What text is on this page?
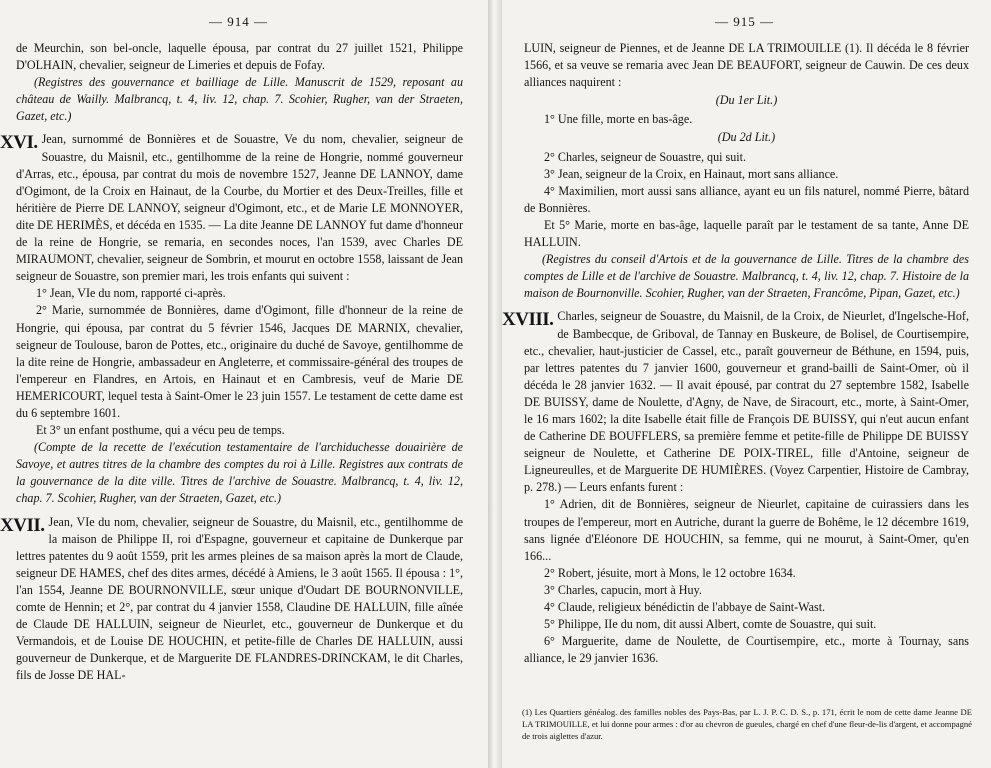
— 914 —

de Meurchin, son bel-oncle, laquelle épousa, par contrat du 27 juillet 1521, Philippe D'OLHAIN, chevalier, seigneur de Limeries et depuis de Fofay.

(Registres des gouvernance et bailliage de Lille. Manuscrit de 1529, reposant au château de Wailly. Malbrancq, t. 4, liv. 12, chap. 7. Scohier, Rugher, van der Straeten, Gazet, etc.)

XVI. Jean, surnommé de Bonnières et de Souastre, Ve du nom, chevalier, seigneur de Souastre, du Maisnil, etc., gentilhomme de la reine de Hongrie, nommé gouverneur d'Arras, etc., épousa, par contrat du mois de novembre 1527, Jeanne DE LANNOY, dame d'Ogimont, de la Croix en Hainaut, de la Courbe, du Mortier et des Deux-Treilles, fille et héritière de Pierre DE LANNOY, seigneur d'Ogimont, etc., et de Marie LE MONNOYER, dite DE HERIMÈS, et décéda en 1535. — La dite Jeanne DE LANNOY fut dame d'honneur de la reine de Hongrie, se remaria, en secondes noces, l'an 1539, avec Charles DE MIRAUMONT, chevalier, seigneur de Sombrin, et mourut en octobre 1558, laissant de Jean seigneur de Souastre, son premier mari, les trois enfants qui suivent :

1° Jean, VIe du nom, rapporté ci-après.

2° Marie, surnommée de Bonnières, dame d'Ogimont, fille d'honneur de la reine de Hongrie, qui épousa, par contrat du 5 février 1546, Jacques DE MARNIX, chevalier, seigneur de Toulouse, baron de Pottes, etc., originaire du duché de Savoye, gentilhomme de la dite reine de Hongrie, ambassadeur en Angleterre, et commissaire-général des troupes de l'empereur en Flandres, en Artois, en Hainaut et en Cambresis, veuf de Marie DE HEMERICOURT, lequel testa à Saint-Omer le 23 juin 1557. Le testament de cette dame est du 6 septembre 1601.

Et 3° un enfant posthume, qui a vécu peu de temps.

(Compte de la recette de l'exécution testamentaire de l'archiduchesse douairière de Savoye, et autres titres de la chambre des comptes du roi à Lille. Registres aux contrats de la gouvernance de la dite ville. Titres de l'archive de Souastre. Malbrancq, t. 4, liv. 12, chap. 7. Scohier, Rugher, van der Straeten, Gazet, etc.)

XVII. Jean, VIe du nom, chevalier, seigneur de Souastre, du Maisnil, etc., gentilhomme de la maison de Philippe II, roi d'Espagne, gouverneur et capitaine de Dunkerque par lettres patentes du 9 août 1559, prit les armes pleines de sa maison après la mort de Claude, seigneur DE HAMES, chef des dites armes, décédé à Amiens, le 3 août 1565. Il épousa : 1°, l'an 1554, Jeanne DE BOURNONVILLE, sœur unique d'Oudart DE BOURNONVILLE, comte de Hennin; et 2°, par contrat du 4 janvier 1558, Claudine DE HALLUIN, fille aînée de Claude DE HALLUIN, seigneur de Nieurlet, etc., gouverneur de Dunkerque et du Vermandois, et de Louise DE HOUCHIN, et petite-fille de Charles DE HALLUIN, aussi gouverneur de Dunkerque, et de Marguerite DE FLANDRES-DRINCKAM, le dit Charles, fils de Josse DE HAL-

— 915 —

LUIN, seigneur de Piennes, et de Jeanne DE LA TRIMOUILLE (1). Il décéda le 8 février 1566, et sa veuve se remaria avec Jean DE BEAUFORT, seigneur de Cauwin. De ces deux alliances naquirent :

(Du 1er Lit.)

1° Une fille, morte en bas-âge.

(Du 2d Lit.)

2° Charles, seigneur de Souastre, qui suit.

3° Jean, seigneur de la Croix, en Hainaut, mort sans alliance.

4° Maximilien, mort aussi sans alliance, ayant eu un fils naturel, nommé Pierre, bâtard de Bonnières.

Et 5° Marie, morte en bas-âge, laquelle paraît par le testament de sa tante, Anne DE HALLUIN.

(Registres du conseil d'Artois et de la gouvernance de Lille. Titres de la chambre des comptes de Lille et de l'archive de Souastre. Malbrancq, t. 4, liv. 12, chap. 7. Histoire de la maison de Bournonville. Scohier, Rugher, van der Straeten, Francôme, Pipan, Gazet, etc.)

XVIII. Charles, seigneur de Souastre, du Maisnil, de la Croix, de Nieurlet, d'Ingelsche-Hof, de Bambecque, de Griboval, de Tannay en Buskeure, de Bolisel, de Courtisempire, etc., chevalier, haut-justicier de Cassel, etc., paraît gouverneur de Béthune, en 1594, puis, par lettres patentes du 7 janvier 1600, gouverneur et grand-bailli de Saint-Omer, où il décéda le 28 janvier 1632. — Il avait épousé, par contrat du 27 septembre 1582, Isabelle DE BUISSY, dame de Noulette, d'Agny, de Nave, de Siracourt, etc., morte, à Saint-Omer, le 16 mars 1602; la dite Isabelle était fille de François DE BUISSY, qui n'eut aucun enfant de Catherine DE BOUFFLERS, sa première femme et petite-fille de Philippe DE BUISSY seigneur de Noulette, et Catherine DE POIX-TIREL, fille d'Antoine, seigneur de Ligneureulles, et de Marguerite DE HUMIÈRES. (Voyez Carpentier, Histoire de Cambray, p. 278.) — Leurs enfants furent :

1° Adrien, dit de Bonnières, seigneur de Nieurlet, capitaine de cuirassiers dans les troupes de l'empereur, mort en Autriche, durant la guerre de Bohême, le 12 décembre 1619, sans lignée d'Eléonore DE HOUCHIN, sa femme, qui ne mourut, à Saint-Omer, qu'en 166...

2° Robert, jésuite, mort à Mons, le 12 octobre 1634.

3° Charles, capucin, mort à Huy.

4° Claude, religieux bénédictin de l'abbaye de Saint-Wast.

5° Philippe, IIe du nom, dit aussi Albert, comte de Souastre, qui suit.

6° Marguerite, dame de Noulette, de Courtisempire, etc., morte à Tournay, sans alliance, le 29 janvier 1636.

(1) Les Quartiers généalog. des familles nobles des Pays-Bas, par L. J. P. C. D. S., p. 171, écrit le nom de cette dame Jeanne DE LA TRIMOUILLE, et lui donne pour armes : d'or au chevron de gueules, chargé en chef d'une fleur-de-lis d'argent, et accompagné de trois aiglettes d'azur.
